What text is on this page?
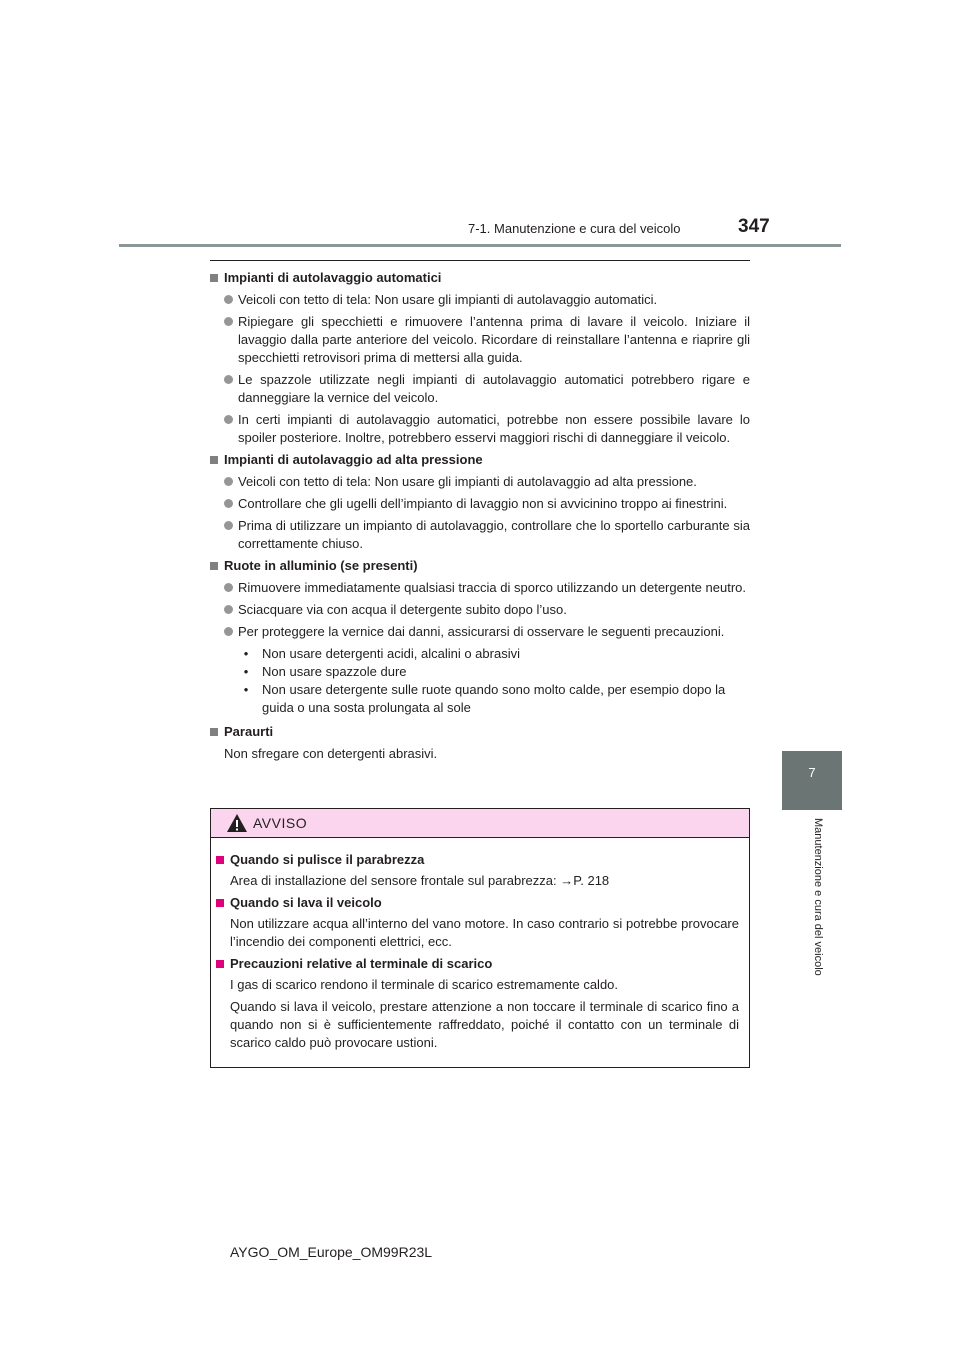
7-1. Manutenzione e cura del veicolo	347
7
Manutenzione e cura del veicolo
Impianti di autolavaggio automatici
Veicoli con tetto di tela: Non usare gli impianti di autolavaggio automatici.
Ripiegare gli specchietti e rimuovere l’antenna prima di lavare il veicolo. Iniziare il lavaggio dalla parte anteriore del veicolo. Ricordare di reinstallare l’antenna e riaprire gli specchietti retrovisori prima di mettersi alla guida.
Le spazzole utilizzate negli impianti di autolavaggio automatici potrebbero rigare e danneggiare la vernice del veicolo.
In certi impianti di autolavaggio automatici, potrebbe non essere possibile lavare lo spoiler posteriore. Inoltre, potrebbero esservi maggiori rischi di danneggiare il veicolo.
Impianti di autolavaggio ad alta pressione
Veicoli con tetto di tela: Non usare gli impianti di autolavaggio ad alta pressione.
Controllare che gli ugelli dell’impianto di lavaggio non si avvicinino troppo ai finestrini.
Prima di utilizzare un impianto di autolavaggio, controllare che lo sportello carburante sia correttamente chiuso.
Ruote in alluminio (se presenti)
Rimuovere immediatamente qualsiasi traccia di sporco utilizzando un detergente neutro.
Sciacquare via con acqua il detergente subito dopo l’uso.
Per proteggere la vernice dai danni, assicurarsi di osservare le seguenti precauzioni.
• Non usare detergenti acidi, alcalini o abrasivi
• Non usare spazzole dure
• Non usare detergente sulle ruote quando sono molto calde, per esempio dopo la guida o una sosta prolungata al sole
Paraurti
Non sfregare con detergenti abrasivi.
AVVISO
Quando si pulisce il parabrezza
Area di installazione del sensore frontale sul parabrezza: →P. 218
Quando si lava il veicolo
Non utilizzare acqua all’interno del vano motore. In caso contrario si potrebbe provocare l’incendio dei componenti elettrici, ecc.
Precauzioni relative al terminale di scarico
I gas di scarico rendono il terminale di scarico estremamente caldo.
Quando si lava il veicolo, prestare attenzione a non toccare il terminale di scarico fino a quando non si è sufficientemente raffreddato, poiché il contatto con un terminale di scarico caldo può provocare ustioni.
AYGO_OM_Europe_OM99R23L
